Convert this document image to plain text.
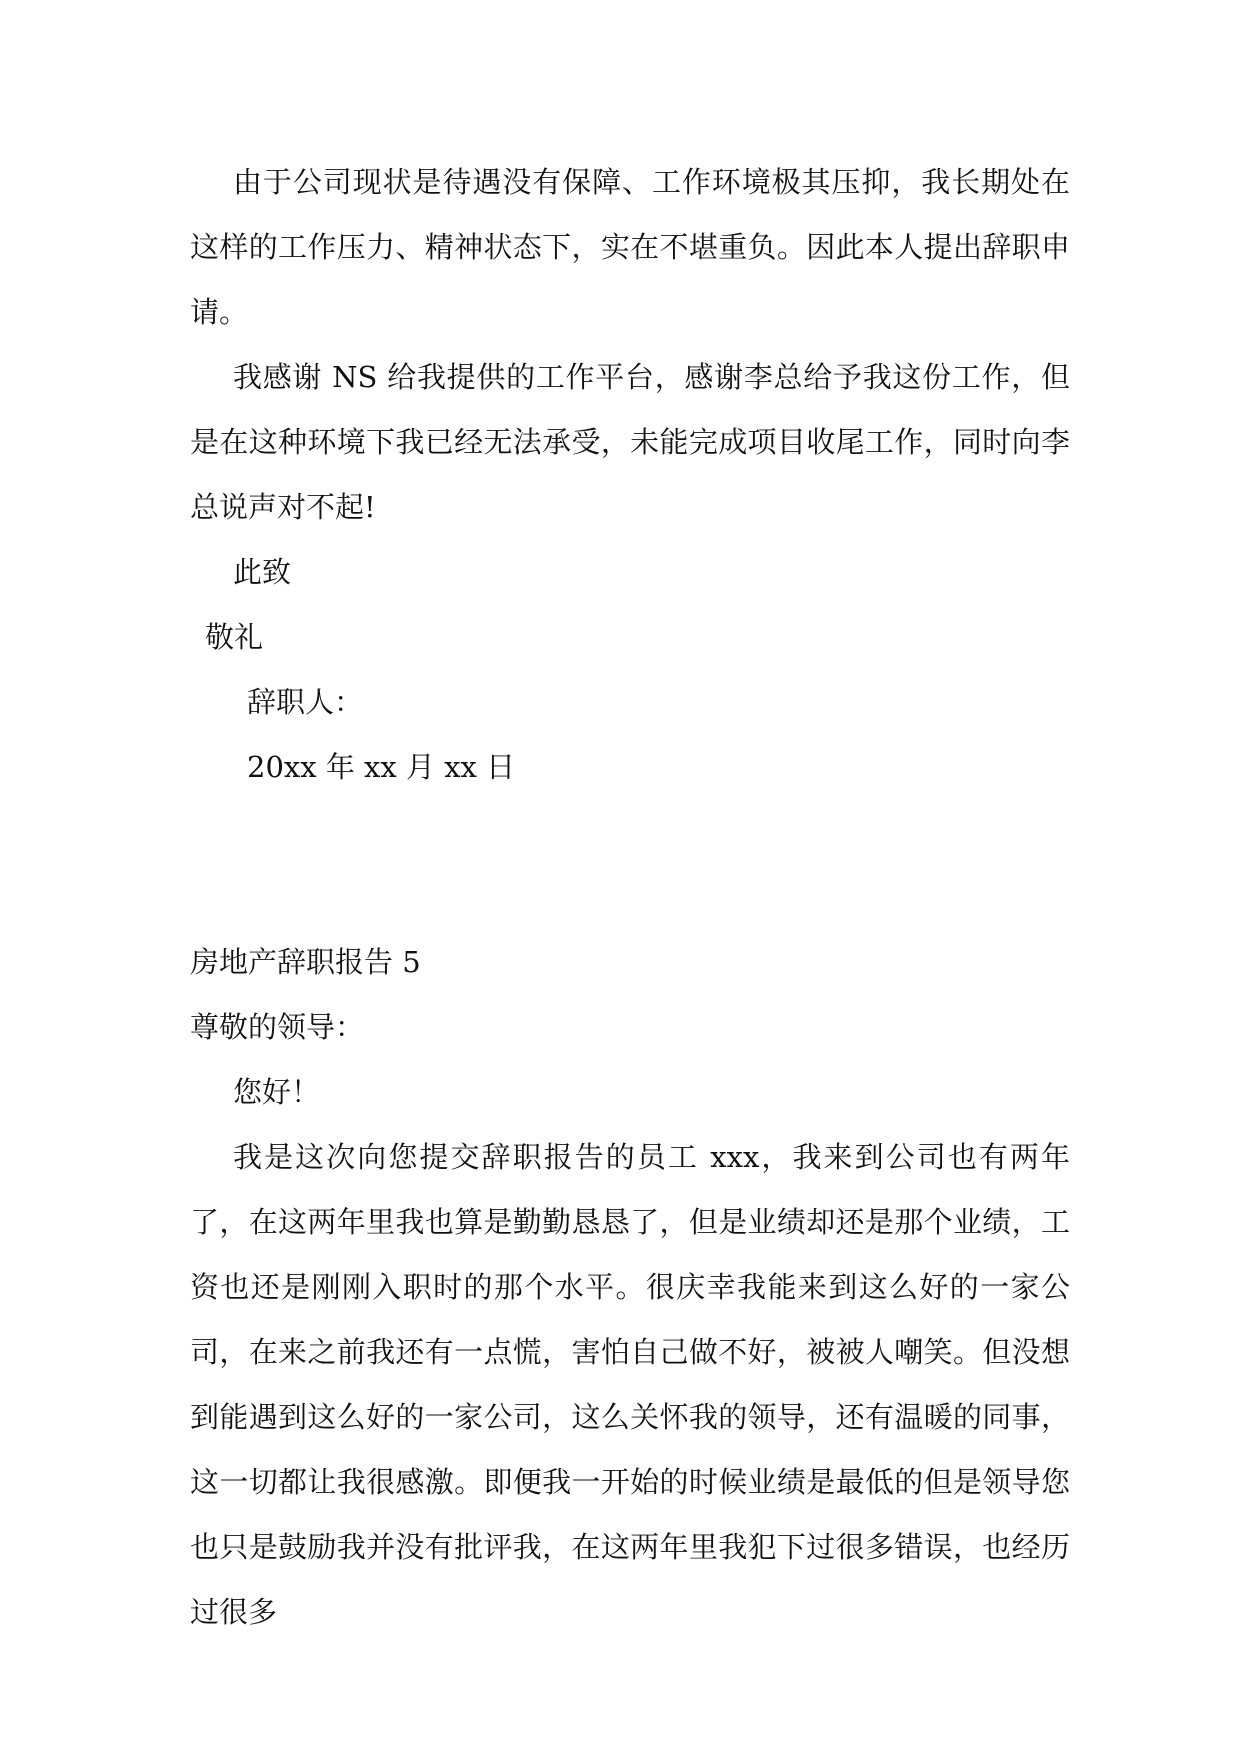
由于公司现状是待遇没有保障、工作环境极其压抑，我长期处在这样的工作压力、精神状态下，实在不堪重负。因此本人提出辞职申请。

我感谢 NS 给我提供的工作平台，感谢李总给予我这份工作，但是在这种环境下我已经无法承受，未能完成项目收尾工作，同时向李总说声对不起!

此致

敬礼

辞职人：

20xx 年 xx 月 xx 日

房地产辞职报告 5

尊敬的领导：

您好！

我是这次向您提交辞职报告的员工 xxx，我来到公司也有两年了，在这两年里我也算是勤勤恳恳了，但是业绩却还是那个业绩，工资也还是刚刚入职时的那个水平。很庆幸我能来到这么好的一家公司，在来之前我还有一点慌，害怕自己做不好，被被人嘲笑。但没想到能遇到这么好的一家公司，这么关怀我的领导，还有温暖的同事，这一切都让我很感激。即便我一开始的时候业绩是最低的但是领导您也只是鼓励我并没有批评我，在这两年里我犯下过很多错误，也经历过很多
